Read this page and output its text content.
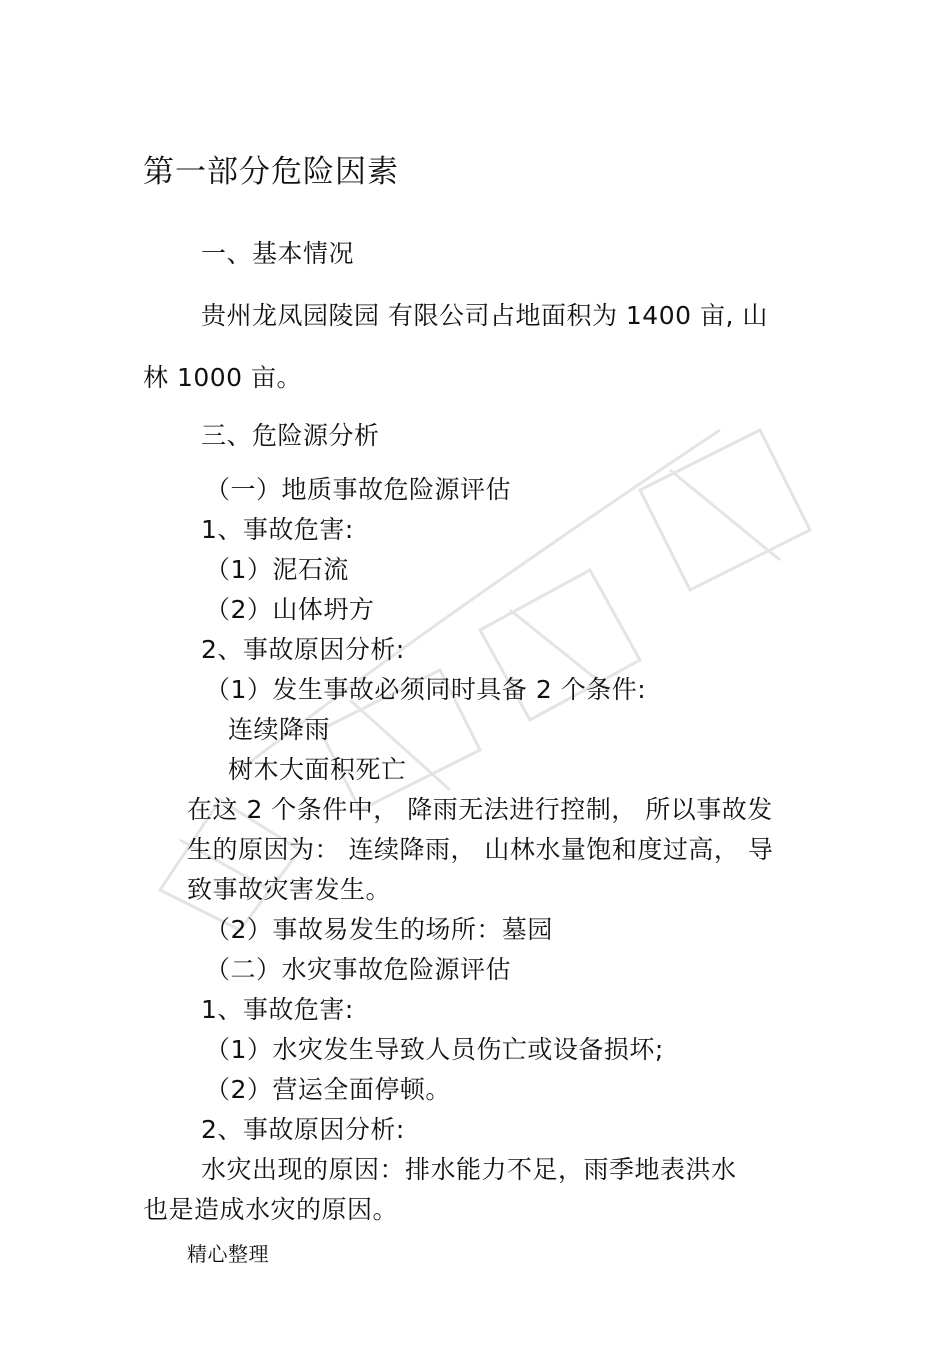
第一部分危险因素
一、基本情况
贵州龙凤园陵园 有限公司占地面积为 1400 亩, 山
林 1000 亩。
三、危险源分析
（一）地质事故危险源评估
1、事故危害:
（1）泥石流
（2）山体坍方
2、事故原因分析:
（1）发生事故必须同时具备 2 个条件:
连续降雨
树木大面积死亡
在这 2 个条件中， 降雨无法进行控制， 所以事故发
生的原因为： 连续降雨， 山林水量饱和度过高， 导
致事故灾害发生。
（2）事故易发生的场所：墓园
（二）水灾事故危险源评估
1、事故危害:
（1）水灾发生导致人员伤亡或设备损坏;
（2）营运全面停顿。
2、事故原因分析:
水灾出现的原因：排水能力不足，雨季地表洪水
也是造成水灾的原因。
精心整理
